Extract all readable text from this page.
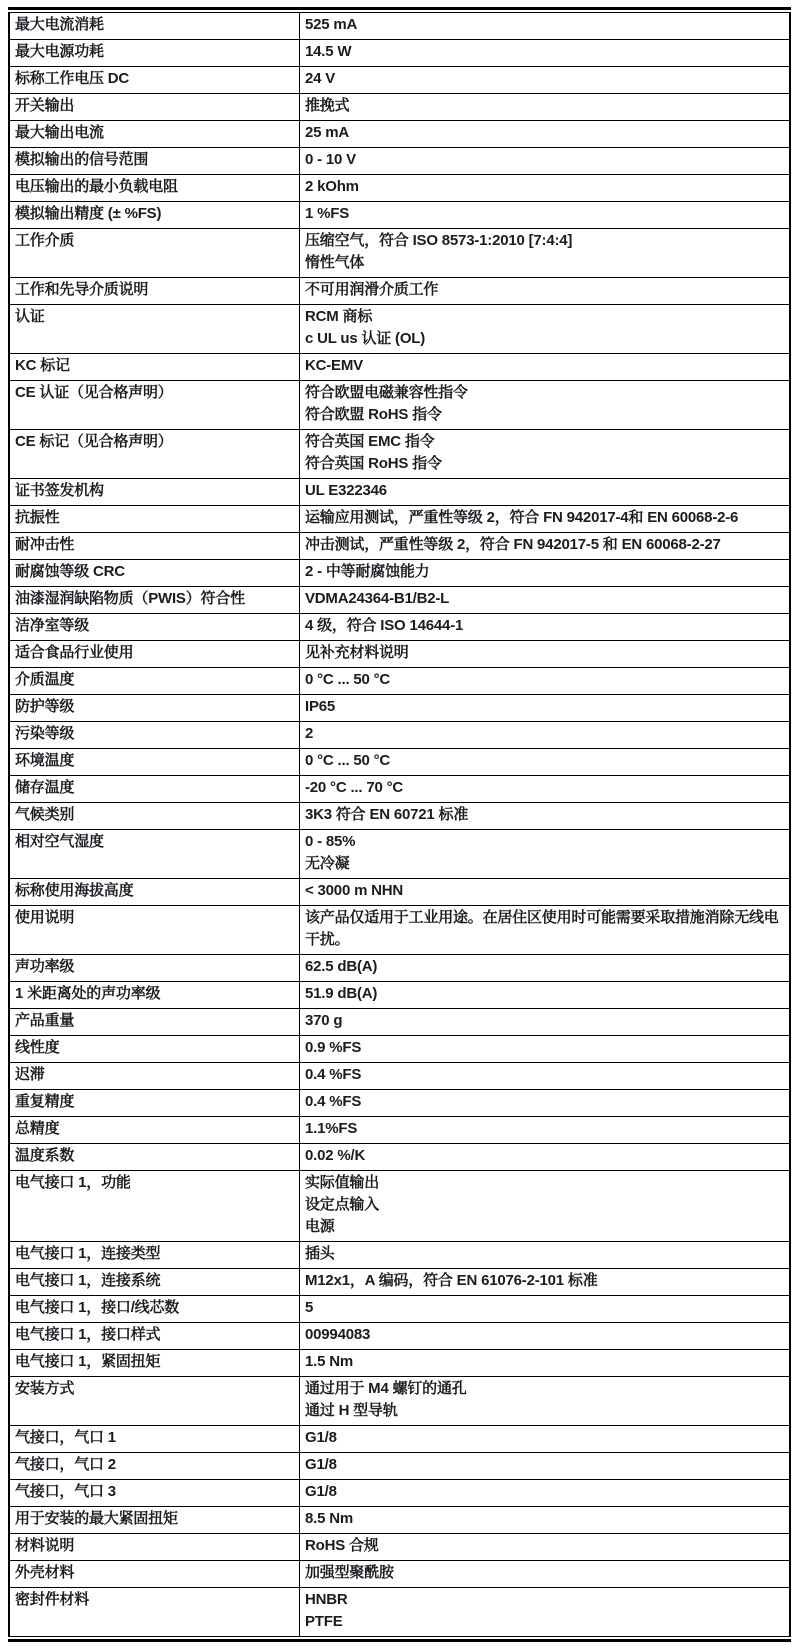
最大电流消耗	525 mA

最大电源功耗	14.5 W

标称工作电压 DC	24 V

开关输出	推挽式

最大输出电流	25 mA

模拟输出的信号范围	0 - 10 V

电压输出的最小负载电阻	2 kOhm

模拟输出精度 (± %FS)	1 %FS

工作介质	压缩空气，符合 ISO 8573-1:2010 [7:4:4]
惰性气体

工作和先导介质说明	不可用润滑介质工作

认证	RCM 商标
c UL us 认证 (OL)

KC 标记	KC-EMV

CE 认证（见合格声明）	符合欧盟电磁兼容性指令
符合欧盟 RoHS 指令

CE 标记（见合格声明）	符合英国 EMC 指令
符合英国 RoHS 指令

证书签发机构	UL E322346

抗振性	运输应用测试，严重性等级 2，符合 FN 942017-4和 EN 60068-2-6

耐冲击性	冲击测试，严重性等级 2，符合 FN 942017-5 和 EN 60068-2-27

耐腐蚀等级 CRC	2 - 中等耐腐蚀能力

油漆湿润缺陷物质（PWIS）符合性	VDMA24364-B1/B2-L

洁净室等级	4 级，符合 ISO 14644-1

适合食品行业使用	见补充材料说明

介质温度	0 °C ... 50 °C

防护等级	IP65

污染等级	2

环境温度	0 °C ... 50 °C

储存温度	-20 °C ... 70 °C

气候类别	3K3 符合 EN 60721 标准

相对空气湿度	0 - 85%
无冷凝

标称使用海拔高度	< 3000 m NHN

使用说明	该产品仅适用于工业用途。在居住区使用时可能需要采取措施消除无线电干扰。

声功率级	62.5 dB(A)

1 米距离处的声功率级	51.9 dB(A)

产品重量	370 g

线性度	0.9 %FS

迟滞	0.4 %FS

重复精度	0.4 %FS

总精度	1.1%FS

温度系数	0.02 %/K

电气接口 1，功能	实际值输出
设定点输入
电源

电气接口 1，连接类型	插头

电气接口 1，连接系统	M12x1，A 编码，符合 EN 61076-2-101 标准

电气接口 1，接口/线芯数	5

电气接口 1，接口样式	00994083

电气接口 1，紧固扭矩	1.5 Nm

安装方式	通过用于 M4 螺钉的通孔
通过 H 型导轨

气接口，气口 1	G1/8

气接口，气口 2	G1/8

气接口，气口 3	G1/8

用于安装的最大紧固扭矩	8.5 Nm

材料说明	RoHS 合规

外壳材料	加强型聚酰胺

密封件材料	HNBR
PTFE
